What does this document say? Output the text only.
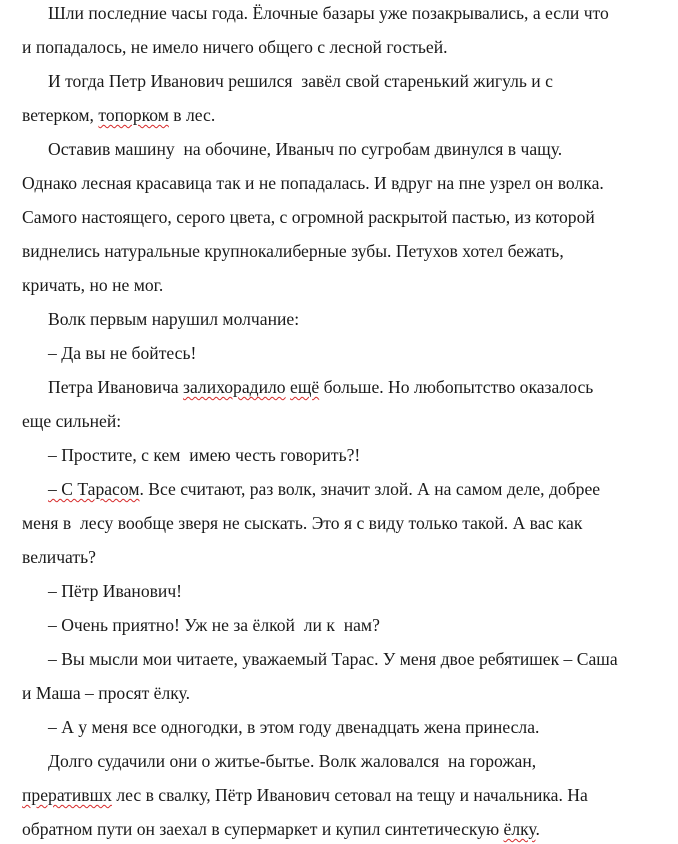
Шли последние часы года. Ёлочные базары уже позакрывались, а если что
и попадалось, не имело ничего общего с лесной гостьей.
И тогда Петр Иванович решился  завёл свой старенький жигуль и с
ветерком, топорком в лес.
Оставив машину  на обочине, Иваныч по сугробам двинулся в чащу.
Однако лесная красавица так и не попадалась. И вдруг на пне узрел он волка.
Самого настоящего, серого цвета, с огромной раскрытой пастью, из которой
виднелись натуральные крупнокалиберные зубы. Петухов хотел бежать,
кричать, но не мог.
Волк первым нарушил молчание:
– Да вы не бойтесь!
Петра Ивановича залихорадило ещё больше. Но любопытство оказалось
еще сильней:
– Простите, с кем  имею честь говорить?!
– С Тарасом. Все считают, раз волк, значит злой. А на самом деле, добрее
меня в  лесу вообще зверя не сыскать. Это я с виду только такой. А вас как
величать?
– Пётр Иванович!
– Очень приятно! Уж не за ёлкой  ли к  нам?
– Вы мысли мои читаете, уважаемый Тарас. У меня двое ребятишек – Саша
и Маша – просят ёлку.
– А у меня все одногодки, в этом году двенадцать жена принесла.
Долго судачили они о житье-бытье. Волк жаловался  на горожан,
прератившх лес в свалку, Пётр Иванович сетовал на тещу и начальника. На
обратном пути он заехал в супермаркет и купил синтетическую ёлку.
